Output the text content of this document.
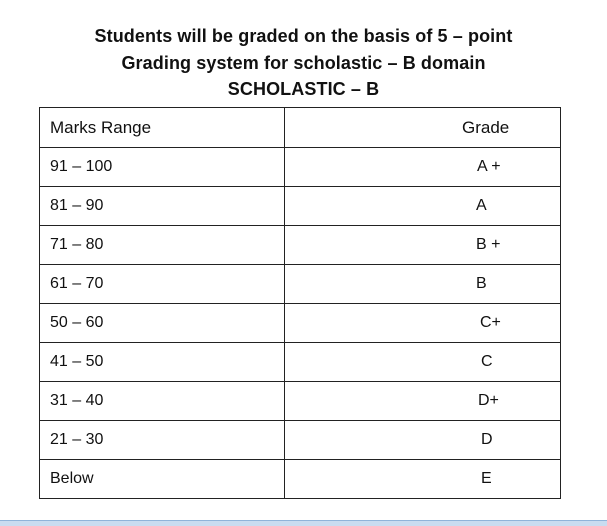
Students will be graded on the basis of 5 – point
Grading system for scholastic – B domain
SCHOLASTIC – B
Marks Range	Grade
91 – 100	A +
81 – 90	A
71 – 80	B +
61 – 70	B
50 – 60	C+
41 – 50	C
31 – 40	D+
21 – 30	D
Below	E
